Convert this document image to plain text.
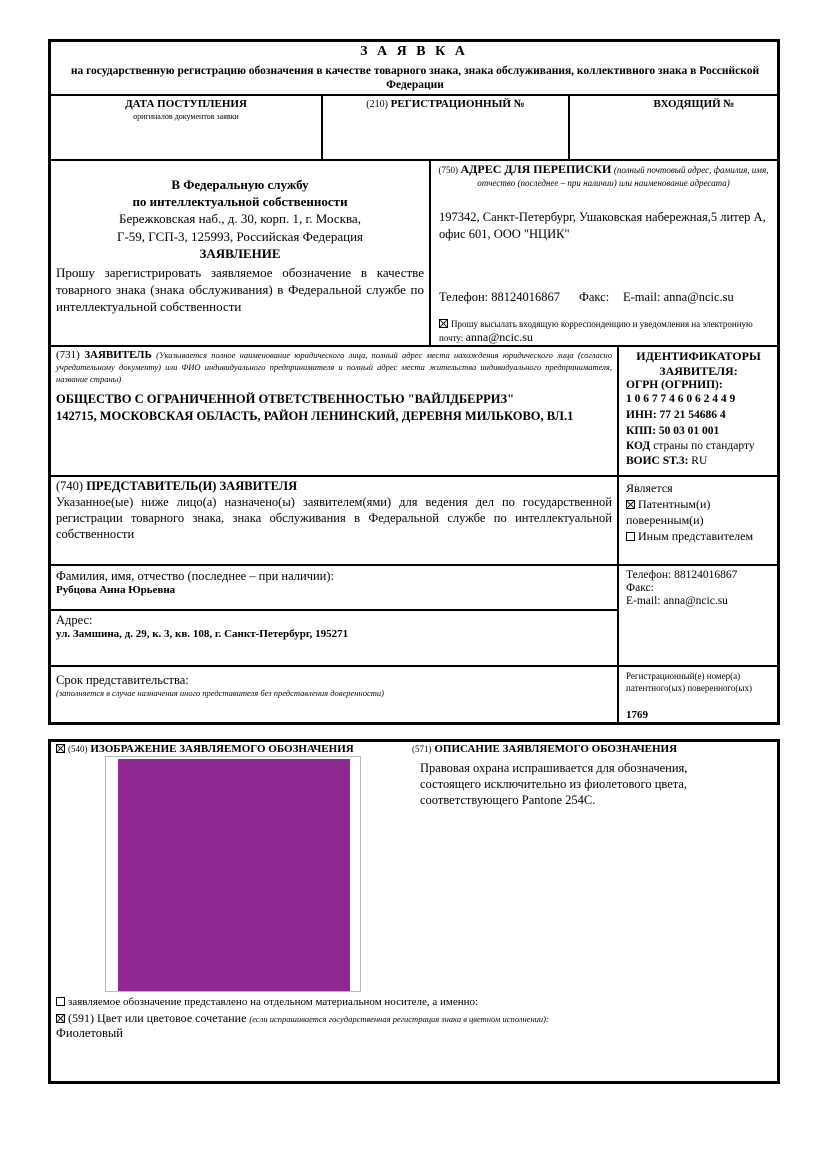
З А Я В К А
на государственную регистрацию обозначения в качестве товарного знака, знака обслуживания, коллективного знака в Российской Федерации
ДАТА ПОСТУПЛЕНИЯ
оригиналов документов заявки
(210) РЕГИСТРАЦИОННЫЙ №	ВХОДЯЩИЙ №
В Федеральную службу
по интеллектуальной собственности
Бережковская наб., д. 30, корп. 1, г. Москва,
Г-59, ГСП-3, 125993, Российская Федерация
ЗАЯВЛЕНИЕ
Прошу зарегистрировать заявляемое обозначение в качестве товарного знака (знака обслуживания) в Федеральной службе по интеллектуальной собственности
(750) АДРЕС ДЛЯ ПЕРЕПИСКИ (полный почтовый адрес, фамилия, имя, отчество (последнее – при наличии) или наименование адресата)
197342, Санкт-Петербург, Ушаковская набережная,5 литер А, офис 601, ООО "НЦИК"
Телефон: 88124016867 Факс: E-mail: anna@ncic.su
Прошу высылать входящую корреспонденцию и уведомления на электронную почту: anna@ncic.su
(731) ЗАЯВИТЕЛЬ (Указывается полное наименование юридического лица, полный адрес места нахождения юридического лица (согласно учредительному документу) или ФИО индивидуального предпринимателя и полный адрес места жительства индивидуального предпринимателя, название страны)
ОБЩЕСТВО С ОГРАНИЧЕННОЙ ОТВЕТСТВЕННОСТЬЮ "ВАЙЛДБЕРРИЗ"
142715, МОСКОВСКАЯ ОБЛАСТЬ, РАЙОН ЛЕНИНСКИЙ, ДЕРЕВНЯ МИЛЬКОВО, ВЛ.1
ИДЕНТИФИКАТОРЫ
ЗАЯВИТЕЛЯ:
ОГРН (ОГРНИП):
1 0 6 7 7 4 6 0 6 2 4 4 9
ИНН: 77 21 54686 4
КПП: 50 03 01 001
КОД страны по стандарту
ВОИС ST.3: RU
(740) ПРЕДСТАВИТЕЛЬ(И) ЗАЯВИТЕЛЯ
Указанное(ые) ниже лицо(а) назначено(ы) заявителем(ями) для ведения дел по государственной регистрации товарного знака, знака обслуживания в Федеральной службе по интеллектуальной собственности
Является
Патентным(и) поверенным(и)
Иным представителем
Фамилия, имя, отчество (последнее – при наличии):
Рубцова Анна Юрьевна
Телефон: 88124016867
Факс:
E-mail: anna@ncic.su
Адрес:
ул. Замшина, д. 29, к. 3, кв. 108, г. Санкт-Петербург, 195271
Срок представительства:
(заполняется в случае назначения иного представителя без представления доверенности)
Регистрационный(е) номер(а) патентного(ых) поверенного(ых)
1769
(540) ИЗОБРАЖЕНИЕ ЗАЯВЛЯЕМОГО ОБОЗНАЧЕНИЯ	(571) ОПИСАНИЕ ЗАЯВЛЯЕМОГО ОБОЗНАЧЕНИЯ
Правовая охрана испрашивается для обозначения, состоящего исключительно из фиолетового цвета, соответствующего Pantone 254C.
заявляемое обозначение представлено на отдельном материальном носителе, а именно:
(591) Цвет или цветовое сочетание (если испрашивается государственная регистрация знака в цветном исполнении):
Фиолетовый
